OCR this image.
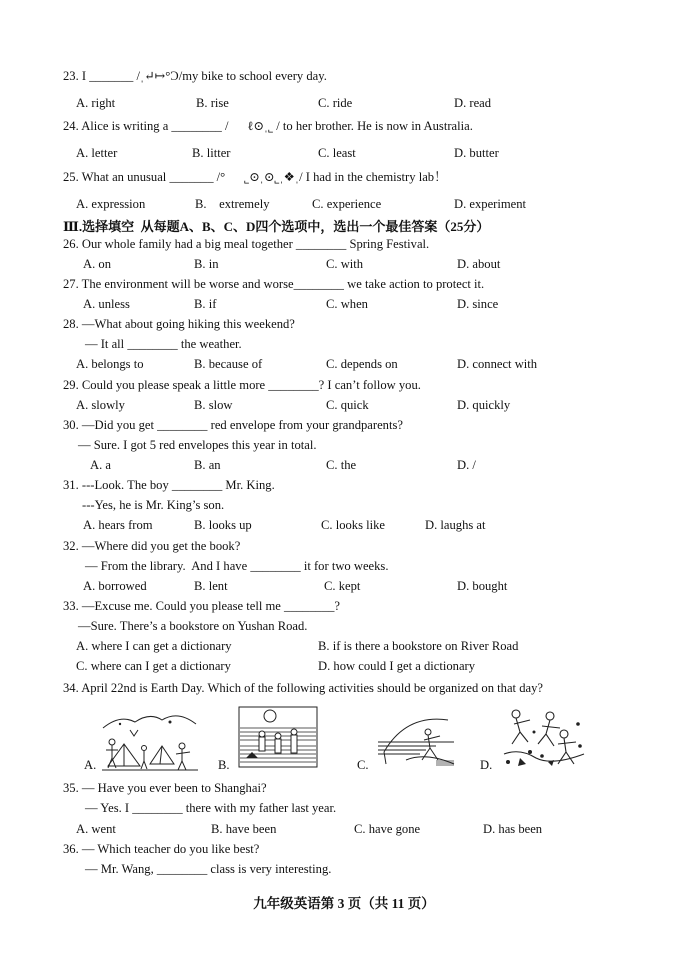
23. I _______ /ˌ↵↦°Ɔ/my bike to school every day.
24. Alice is writing a ________ /      ℓ⊙ˌ˾ / to her brother. He is now in Australia.
25. What an unusual _______ /°      ˾⊙ˌ⊙˾ˌ❖ˌ/ I had in the chemistry lab！
Ⅲ.选择填空  从每题A、B、C、D四个选项中，选出一个最佳答案（25分）
26. Our whole family had a big meal together ________ Spring Festival.
27. The environment will be worse and worse________ we take action to protect it.
28. —What about going hiking this weekend?
— It all ________ the weather.
29. Could you please speak a little more ________? I can’t follow you.
30. —Did you get ________ red envelope from your grandparents?
— Sure. I got 5 red envelopes this year in total.
31. ---Look. The boy ________ Mr. King.
---Yes, he is Mr. King’s son.
32. —Where did you get the book?
— From the library.  And I have ________ it for two weeks.
33. —Excuse me. Could you please tell me ________?
—Sure. There’s a bookstore on Yushan Road.
34. April 22nd is Earth Day. Which of the following activities should be organized on that day?
35. — Have you ever been to Shanghai?
— Yes. I ________ there with my father last year.
36. — Which teacher do you like best?
— Mr. Wang, ________ class is very interesting.
A. right	B. rise	C. ride	D. read
A. letter	B. litter	C. least	D. butter
A. expression	B.    extremely	C. experience	D. experiment
A. on	B. in	C. with	D. about
A. unless	B. if	C. when	D. since
A. belongs to	B. because of	C. depends on	D. connect with
A. slowly	B. slow	C. quick	D. quickly
A. a	B. an	C. the	D. /
A. hears from	B. looks up	C. looks like	D. laughs at
A. borrowed	B. lent	C. kept	D. bought
A. where I can get a dictionary	B. if is there a bookstore on River Road
C. where can I get a dictionary	D. how could I get a dictionary
A.	B.	C.	D.
A. went	B. have been	C. have gone	D. has been
九年级英语第 3 页（共 11 页）
